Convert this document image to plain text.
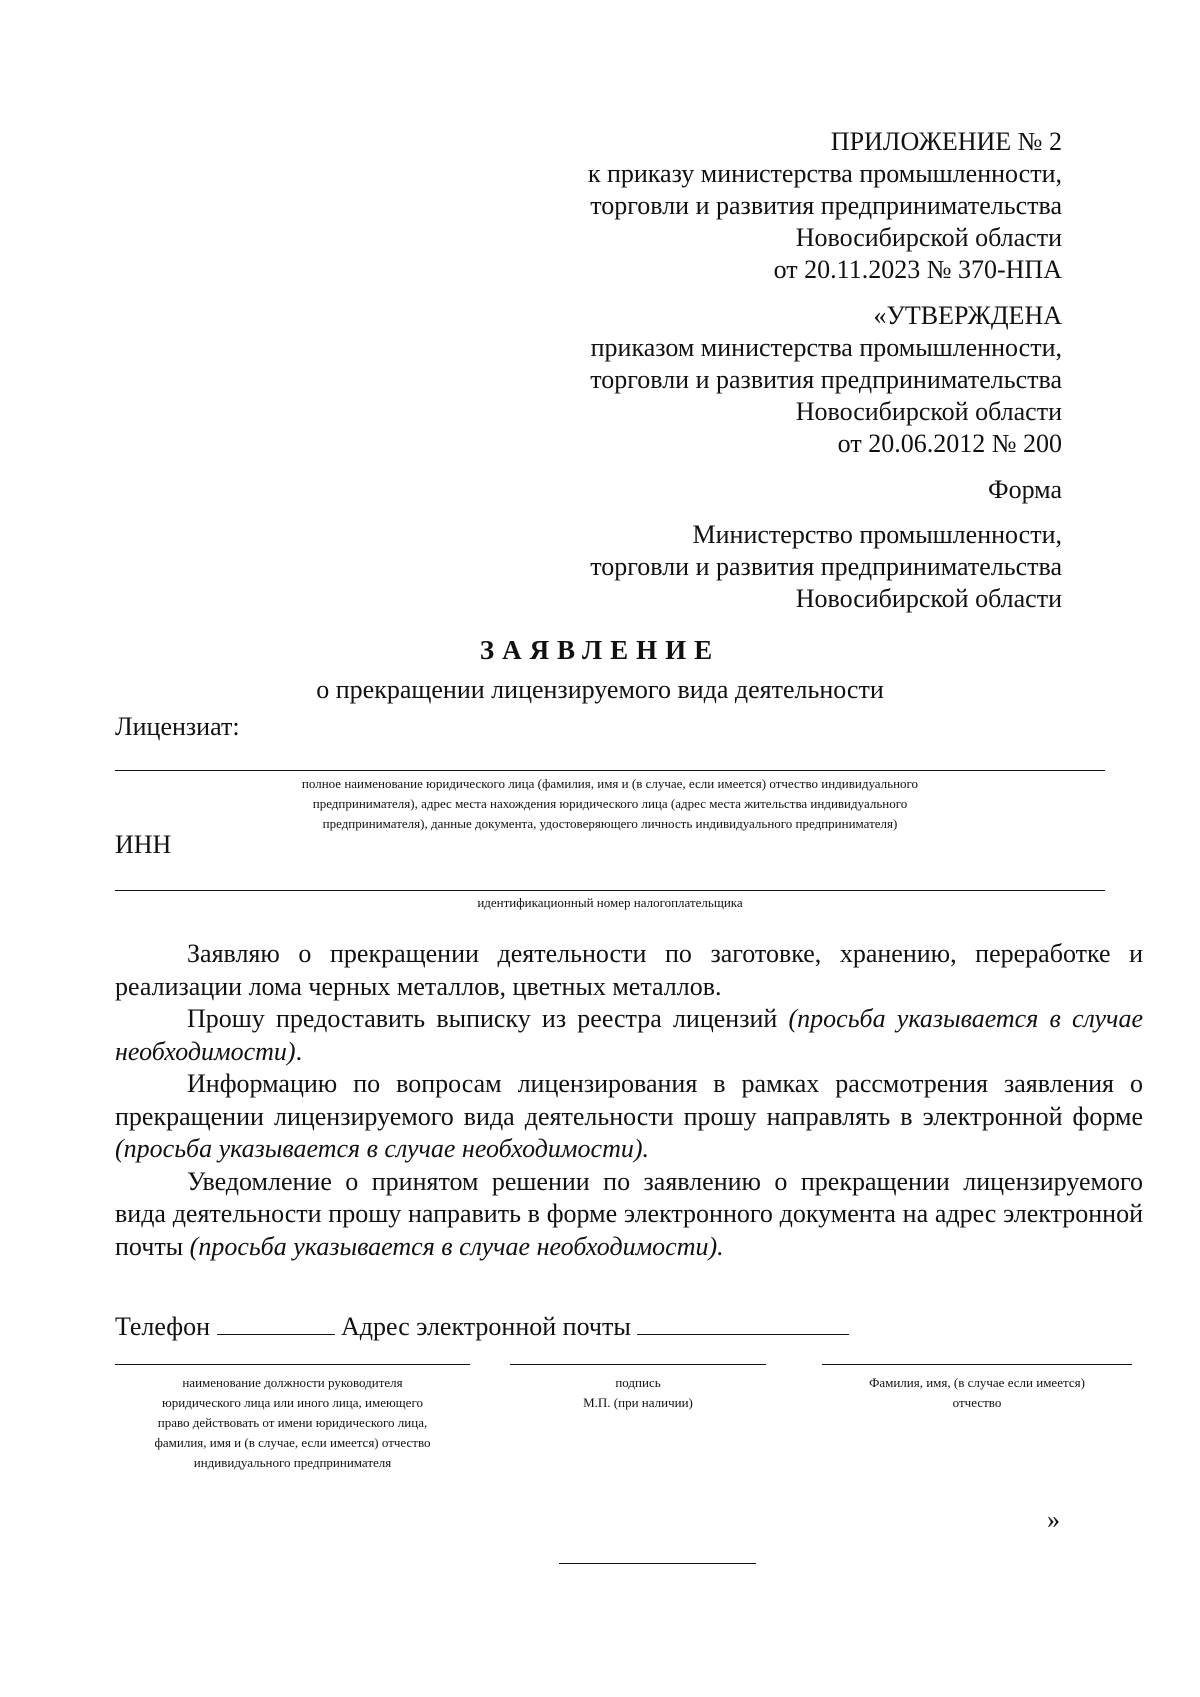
ПРИЛОЖЕНИЕ № 2
к приказу министерства промышленности,
торговли и развития предпринимательства
Новосибирской области
от 20.11.2023 № 370-НПА
«УТВЕРЖДЕНА
приказом министерства промышленности,
торговли и развития предпринимательства
Новосибирской области
от 20.06.2012 № 200
Форма
Министерство промышленности,
торговли и развития предпринимательства
Новосибирской области
ЗАЯВЛЕНИЕ
о прекращении лицензируемого вида деятельности
Лицензиат:
полное наименование юридического лица (фамилия, имя и (в случае, если имеется) отчество индивидуального
предпринимателя), адрес места нахождения юридического лица (адрес места жительства индивидуального
предпринимателя), данные документа, удостоверяющего личность индивидуального предпринимателя)
ИНН
идентификационный номер налогоплательщика

Заявляю о прекращении деятельности по заготовке, хранению, переработке и реализации лома черных металлов, цветных металлов.

Прошу предоставить выписку из реестра лицензий (просьба указывается в случае необходимости).

Информацию по вопросам лицензирования в рамках рассмотрения заявления о прекращении лицензируемого вида деятельности прошу направлять в электронной форме (просьба указывается в случае необходимости).

Уведомление о принятом решении по заявлению о прекращении лицензируемого вида деятельности прошу направить в форме электронного документа на адрес электронной почты (просьба указывается в случае необходимости).

Телефон	Адрес электронной почты
наименование должности руководителя
юридического лица или иного лица, имеющего
право действовать от имени юридического лица,
фамилия, имя и (в случае, если имеется) отчество
индивидуального предпринимателя
подпись
М.П. (при наличии)
Фамилия, имя, (в случае если имеется)
отчество
»
